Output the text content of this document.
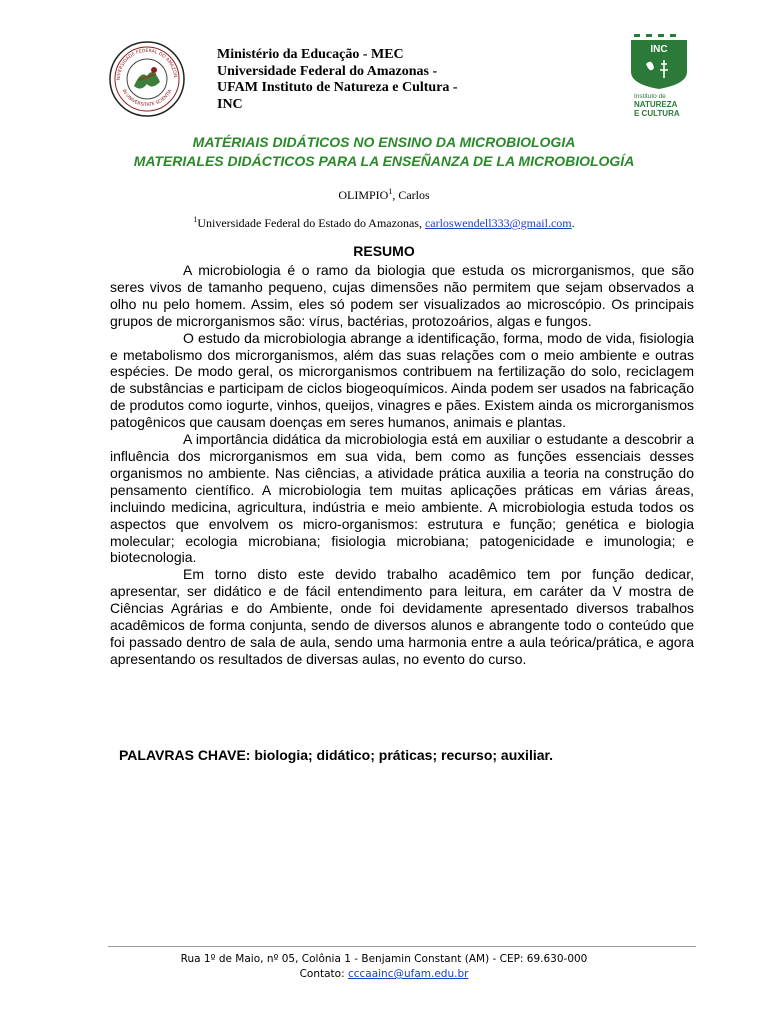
NIVERSIDADE FEDERAL DO AMAZON
IN UNIVERSITATE SCIENTIA
Ministério da Educação - MEC
Universidade Federal do Amazonas -
UFAM Instituto de Natureza e Cultura -
INC
INC
Instituto de
NATUREZA
E CULTURA
MATÉRIAIS DIDÁTICOS NO ENSINO DA MICROBIOLOGIA
MATERIALES DIDÁCTICOS PARA LA ENSEÑANZA DE LA MICROBIOLOGÍA
OLIMPIO$^1$, Carlos
$^1$Universidade Federal do Estado do Amazonas, carloswendell333@gmail.com.
RESUMO

A microbiologia é o ramo da biologia que estuda os microrganismos, que são seres vivos de tamanho pequeno, cujas dimensões não permitem que sejam observados a olho nu pelo homem. Assim, eles só podem ser visualizados ao microscópio. Os principais grupos de microrganismos são: vírus, bactérias, protozoários, algas e fungos.

O estudo da microbiologia abrange a identificação, forma, modo de vida, fisiologia e metabolismo dos microrganismos, além das suas relações com o meio ambiente e outras espécies. De modo geral, os microrganismos contribuem na fertilização do solo, reciclagem de substâncias e participam de ciclos biogeoquímicos. Ainda podem ser usados na fabricação de produtos como iogurte, vinhos, queijos, vinagres e pães. Existem ainda os microrganismos patogênicos que causam doenças em seres humanos, animais e plantas.

A importância didática da microbiologia está em auxiliar o estudante a descobrir a influência dos microrganismos em sua vida, bem como as funções essenciais desses organismos no ambiente. Nas ciências, a atividade prática auxilia a teoria na construção do pensamento científico. A microbiologia tem muitas aplicações práticas em várias áreas, incluindo medicina, agricultura, indústria e meio ambiente. A microbiologia estuda todos os aspectos que envolvem os micro-organismos: estrutura e função; genética e biologia molecular; ecologia microbiana; fisiologia microbiana; patogenicidade e imunologia; e biotecnologia.

Em torno disto este devido trabalho acadêmico tem por função dedicar, apresentar, ser didático e de fácil entendimento para leitura, em caráter da V mostra de Ciências Agrárias e do Ambiente, onde foi devidamente apresentado diversos trabalhos acadêmicos de forma conjunta, sendo de diversos alunos e abrangente todo o conteúdo que foi passado dentro de sala de aula, sendo uma harmonia entre a aula teórica/prática, e agora apresentando os resultados de diversas aulas, no evento do curso.

PALAVRAS CHAVE: biologia; didático; práticas; recurso; auxiliar.
Rua 1º de Maio, nº 05, Colônia 1 - Benjamin Constant (AM) - CEP: 69.630-000
Contato: cccaainc@ufam.edu.br
